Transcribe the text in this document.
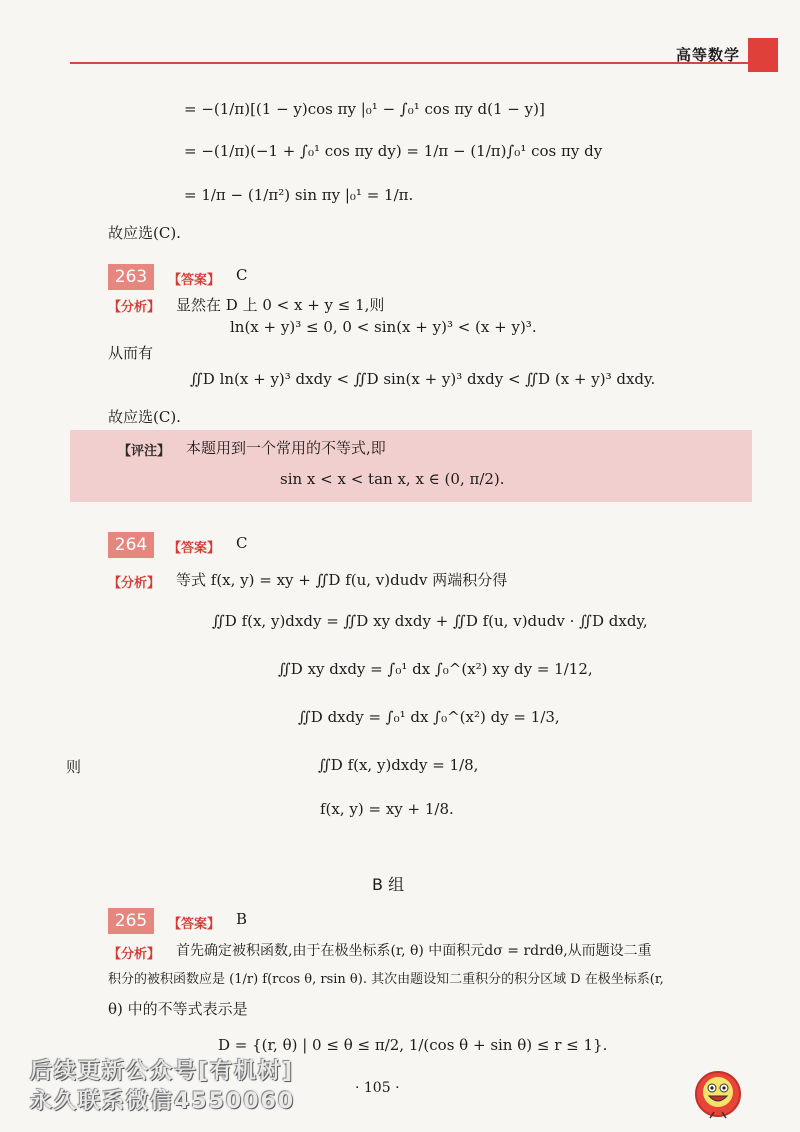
高等数学
= −(1/π)[(1 − y)cos πy |₀¹ − ∫₀¹ cos πy d(1 − y)]
= −(1/π)(−1 + ∫₀¹ cos πy dy) = 1/π − (1/π)∫₀¹ cos πy dy
= 1/π − (1/π²) sin πy |₀¹ = 1/π.
故应选(C).
263	【答案】 C
【分析】 显然在 D 上 0 < x + y ≤ 1,则
ln(x + y)³ ≤ 0, 0 < sin(x + y)³ < (x + y)³.
从而有
∬D ln(x + y)³ dxdy < ∬D sin(x + y)³ dxdy < ∬D (x + y)³ dxdy.
故应选(C).
【评注】 本题用到一个常用的不等式,即
sin x < x < tan x, x ∈ (0, π/2).
264	【答案】 C
【分析】 等式 f(x, y) = xy + ∬D f(u, v)dudv 两端积分得
∬D f(x, y)dxdy = ∬D xy dxdy + ∬D f(u, v)dudv · ∬D dxdy,
∬D xy dxdy = ∫₀¹ dx ∫₀^(x²) xy dy = 1/12,
∬D dxdy = ∫₀¹ dx ∫₀^(x²) dy = 1/3,
则	∬D f(x, y)dxdy = 1/8,
f(x, y) = xy + 1/8.
B 组
265	【答案】 B
【分析】 首先确定被积函数,由于在极坐标系(r, θ) 中面积元dσ = rdrdθ,从而题设二重
积分的被积函数应是 (1/r) f(rcos θ, rsin θ). 其次由题设知二重积分的积分区域 D 在极坐标系(r,
θ) 中的不等式表示是
D = {(r, θ) | 0 ≤ θ ≤ π/2, 1/(cos θ + sin θ) ≤ r ≤ 1}.
· 105 ·
后续更新公众号[有机树]
永久联系微信4550060
